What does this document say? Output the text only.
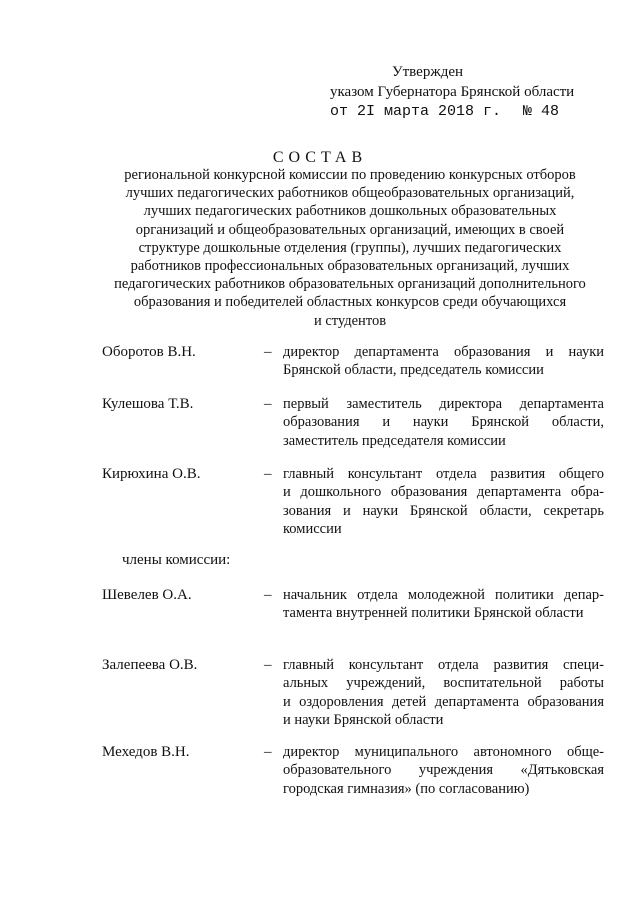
Утвержден
указом Губернатора Брянской области
от 2I марта 2018 г. № 48
СОСТАВ
региональной конкурсной комиссии по проведению конкурсных отборов
лучших педагогических работников общеобразовательных организаций,
лучших педагогических работников дошкольных образовательных
организаций и общеобразовательных организаций, имеющих в своей
структуре дошкольные отделения (группы), лучших педагогических
работников профессиональных образовательных организаций, лучших
педагогических работников образовательных организаций дополнительного
образования и победителей областных конкурсов среди обучающихся
и студентов
Оборотов В.Н.	– директор департамента образования и науки
Брянской области, председатель комиссии
Кулешова Т.В.	– первый заместитель директора департамента
образования и науки Брянской области,
заместитель председателя комиссии
Кирюхина О.В.	– главный консультант отдела развития общего
и дошкольного образования департамента обра-
зования и науки Брянской области, секретарь
комиссии
члены комиссии:
Шевелев О.А.	– начальник отдела молодежной политики депар-
тамента внутренней политики Брянской области
Залепеева О.В.	– главный консультант отдела развития специ-
альных учреждений, воспитательной работы
и оздоровления детей департамента образования
и науки Брянской области
Мехедов В.Н.	– директор муниципального автономного обще-
образовательного учреждения «Дятьковская
городская гимназия» (по согласованию)
